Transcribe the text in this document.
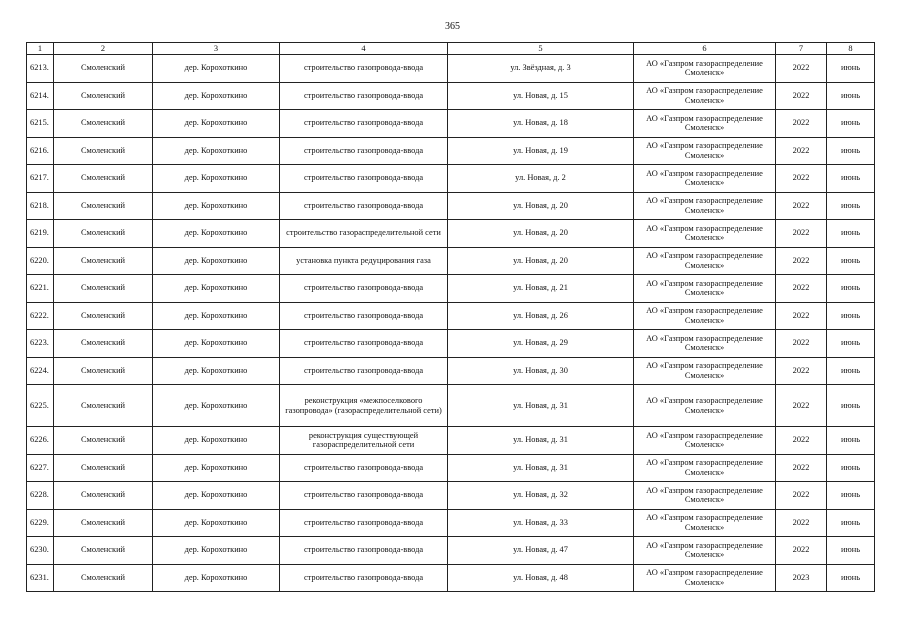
365
1	2	3	4	5	6	7	8
6213.	Смоленский	дер. Корохоткино	строительство газопровода-ввода	ул. Звёздная, д. 3	АО «Газпром газораспределение Смоленск»	2022	июнь
6214.	Смоленский	дер. Корохоткино	строительство газопровода-ввода	ул. Новая, д. 15	АО «Газпром газораспределение Смоленск»	2022	июнь
6215.	Смоленский	дер. Корохоткино	строительство газопровода-ввода	ул. Новая, д. 18	АО «Газпром газораспределение Смоленск»	2022	июнь
6216.	Смоленский	дер. Корохоткино	строительство газопровода-ввода	ул. Новая, д. 19	АО «Газпром газораспределение Смоленск»	2022	июнь
6217.	Смоленский	дер. Корохоткино	строительство газопровода-ввода	ул. Новая, д. 2	АО «Газпром газораспределение Смоленск»	2022	июнь
6218.	Смоленский	дер. Корохоткино	строительство газопровода-ввода	ул. Новая, д. 20	АО «Газпром газораспределение Смоленск»	2022	июнь
6219.	Смоленский	дер. Корохоткино	строительство газораспределительной сети	ул. Новая, д. 20	АО «Газпром газораспределение Смоленск»	2022	июнь
6220.	Смоленский	дер. Корохоткино	установка пункта редуцирования газа	ул. Новая, д. 20	АО «Газпром газораспределение Смоленск»	2022	июнь
6221.	Смоленский	дер. Корохоткино	строительство газопровода-ввода	ул. Новая, д. 21	АО «Газпром газораспределение Смоленск»	2022	июнь
6222.	Смоленский	дер. Корохоткино	строительство газопровода-ввода	ул. Новая, д. 26	АО «Газпром газораспределение Смоленск»	2022	июнь
6223.	Смоленский	дер. Корохоткино	строительство газопровода-ввода	ул. Новая, д. 29	АО «Газпром газораспределение Смоленск»	2022	июнь
6224.	Смоленский	дер. Корохоткино	строительство газопровода-ввода	ул. Новая, д. 30	АО «Газпром газораспределение Смоленск»	2022	июнь
6225.	Смоленский	дер. Корохоткино	реконструкция «межпоселкового газопровода» (газораспределительной сети)	ул. Новая, д. 31	АО «Газпром газораспределение Смоленск»	2022	июнь
6226.	Смоленский	дер. Корохоткино	реконструкция существующей газораспределительной сети	ул. Новая, д. 31	АО «Газпром газораспределение Смоленск»	2022	июнь
6227.	Смоленский	дер. Корохоткино	строительство газопровода-ввода	ул. Новая, д. 31	АО «Газпром газораспределение Смоленск»	2022	июнь
6228.	Смоленский	дер. Корохоткино	строительство газопровода-ввода	ул. Новая, д. 32	АО «Газпром газораспределение Смоленск»	2022	июнь
6229.	Смоленский	дер. Корохоткино	строительство газопровода-ввода	ул. Новая, д. 33	АО «Газпром газораспределение Смоленск»	2022	июнь
6230.	Смоленский	дер. Корохоткино	строительство газопровода-ввода	ул. Новая, д. 47	АО «Газпром газораспределение Смоленск»	2022	июнь
6231.	Смоленский	дер. Корохоткино	строительство газопровода-ввода	ул. Новая, д. 48	АО «Газпром газораспределение Смоленск»	2023	июнь
